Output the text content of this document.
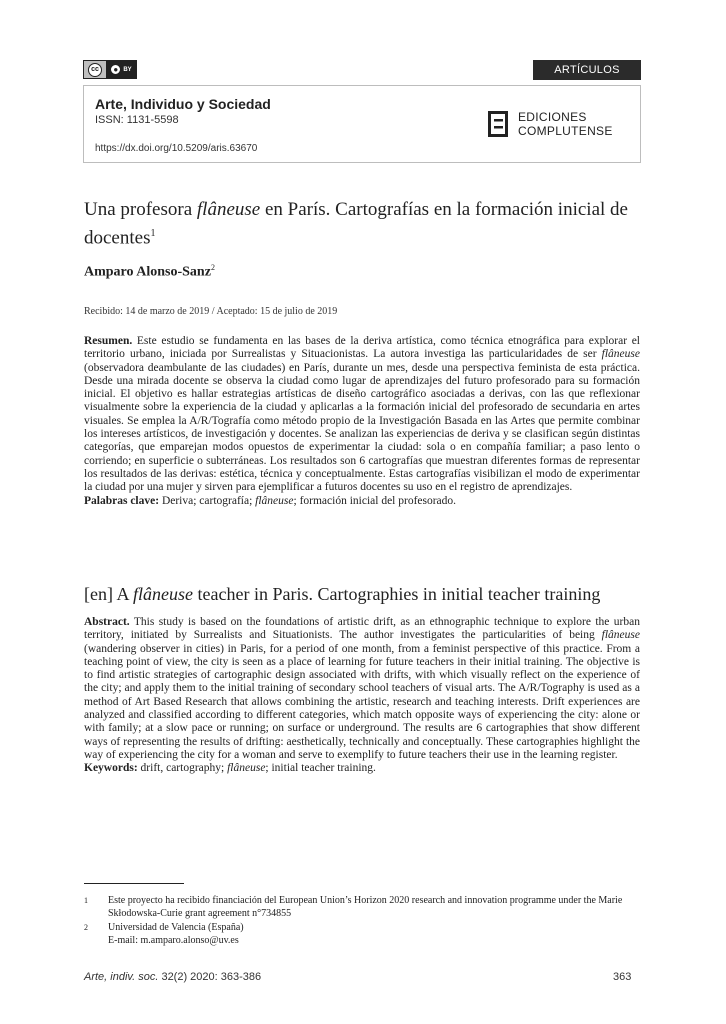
cc	● BY	ARTÍCULOS
Arte, Individuo y Sociedad
ISSN: 1131-5598
https://dx.doi.org/10.5209/aris.63670
EDICIONES
COMPLUTENSE
Una profesora flâneuse en París. Cartografías en la formación inicial de docentes$^1$
Amparo Alonso-Sanz$^2$
Recibido: 14 de marzo de 2019 / Aceptado: 15 de julio de 2019
Resumen. Este estudio se fundamenta en las bases de la deriva artística, como técnica etnográfica para explorar el territorio urbano, iniciada por Surrealistas y Situacionistas. La autora investiga las particularidades de ser flâneuse (observadora deambulante de las ciudades) en París, durante un mes, desde una perspectiva feminista de esta práctica. Desde una mirada docente se observa la ciudad como lugar de aprendizajes del futuro profesorado para su formación inicial. El objetivo es hallar estrategias artísticas de diseño cartográfico asociadas a derivas, con las que reflexionar visualmente sobre la experiencia de la ciudad y aplicarlas a la formación inicial del profesorado de secundaria en artes visuales. Se emplea la A/R/Tografía como método propio de la Investigación Basada en las Artes que permite combinar los intereses artísticos, de investigación y docentes. Se analizan las experiencias de deriva y se clasifican según distintas categorías, que emparejan modos opuestos de experimentar la ciudad: sola o en compañía familiar; a paso lento o corriendo; en superficie o subterráneas. Los resultados son 6 cartografías que muestran diferentes formas de representar los resultados de las derivas: estética, técnica y conceptualmente. Estas cartografías visibilizan el modo de experimentar la ciudad por una mujer y sirven para ejemplificar a futuros docentes su uso en el registro de aprendizajes.
Palabras clave: Deriva; cartografía; flâneuse; formación inicial del profesorado.
[en] A flâneuse teacher in Paris. Cartographies in initial teacher training
Abstract. This study is based on the foundations of artistic drift, as an ethnographic technique to explore the urban territory, initiated by Surrealists and Situationists. The author investigates the particularities of being flâneuse (wandering observer in cities) in Paris, for a period of one month, from a feminist perspective of this practice. From a teaching point of view, the city is seen as a place of learning for future teachers in their initial training. The objective is to find artistic strategies of cartographic design associated with drifts, with which visually reflect on the experience of the city; and apply them to the initial training of secondary school teachers of visual arts. The A/R/Tography is used as a method of Art Based Research that allows combining the artistic, research and teaching interests. Drift experiences are analyzed and classified according to different categories, which match opposite ways of experiencing the city: alone or with family; at a slow pace or running; on surface or underground. The results are 6 cartographies that show different ways of representing the results of drifting: aesthetically, technically and conceptually. These cartographies highlight the way of experiencing the city for a woman and serve to exemplify to future teachers their use in the learning register.
Keywords: drift, cartography; flâneuse; initial teacher training.
1	Este proyecto ha recibido financiación del European Union’s Horizon 2020 research and innovation programme under the Marie Skłodowska-Curie grant agreement n°734855
2	Universidad de Valencia (España)
E-mail: m.amparo.alonso@uv.es
Arte, indiv. soc. 32(2) 2020: 363-386	363
